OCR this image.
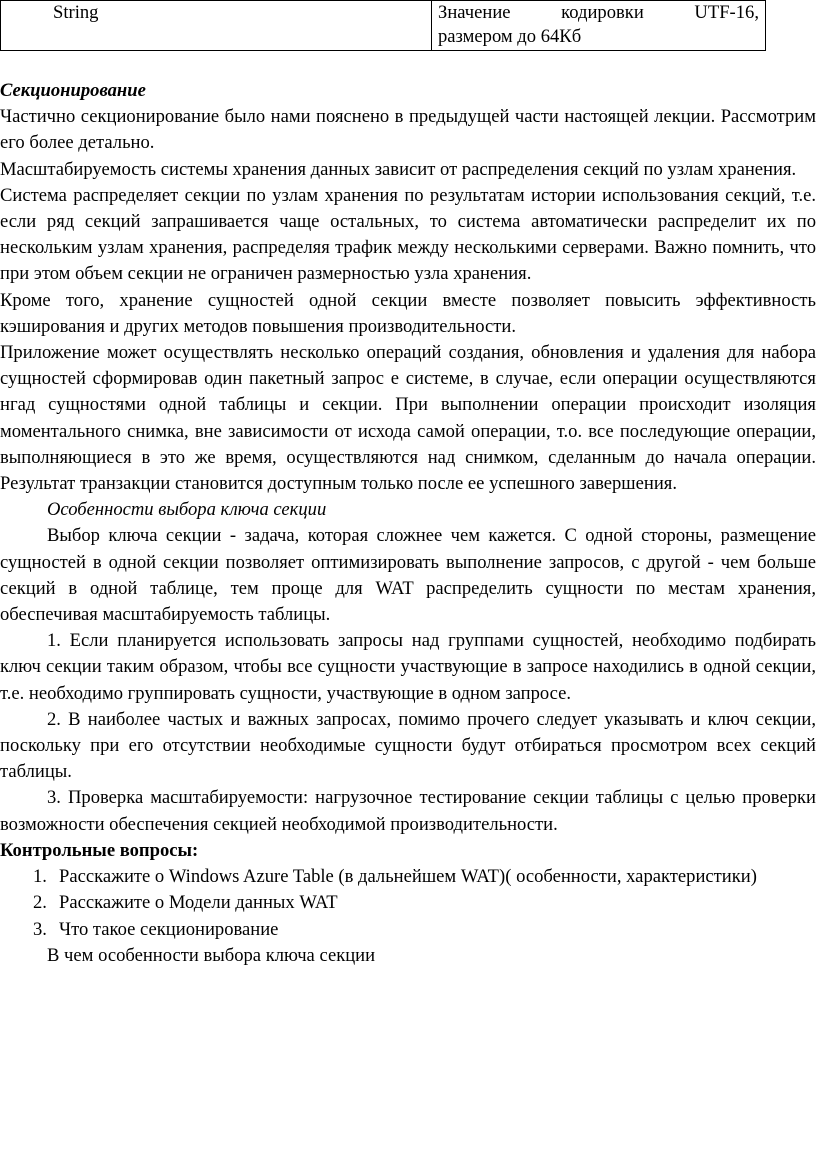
String	Значение кодировки UTF-16,
размером до 64Кб

Секционирование

Частично секционирование было нами пояснено в предыдущей части настоящей лекции. Рассмотрим его более детально.

Масштабируемость системы хранения данных зависит от распределения секций по узлам хранения.

Система распределяет секции по узлам хранения по результатам истории использования секций, т.е. если ряд секций запрашивается чаще остальных, то система автоматически распределит их по нескольким узлам хранения, распределяя трафик между несколькими серверами. Важно помнить, что при этом объем секции не ограничен размерностью узла хранения.

Кроме того, хранение сущностей одной секции вместе позволяет повысить эффективность кэширования и других методов повышения производительности.

Приложение может осуществлять несколько операций создания, обновления и удаления для набора сущностей сформировав один пакетный запрос е системе, в случае, если операции осуществляются нгад сущностями одной таблицы и секции. При выполнении операции происходит изоляция моментального снимка, вне зависимости от исхода самой операции, т.о. все последующие операции, выполняющиеся в это же время, осуществляются над снимком, сделанным до начала операции. Результат транзакции становится доступным только после ее успешного завершения.

Особенности выбора ключа секции

Выбор ключа секции - задача, которая сложнее чем кажется. С одной стороны, размещение сущностей в одной секции позволяет оптимизировать выполнение запросов, с другой - чем больше секций в одной таблице, тем проще для WAT распределить сущности по местам хранения, обеспечивая масштабируемость таблицы.

1. Если планируется использовать запросы над группами сущностей, необходимо подбирать ключ секции таким образом, чтобы все сущности участвующие в запросе находились в одной секции, т.е. необходимо группировать сущности, участвующие в одном запросе.

2. В наиболее частых и важных запросах, помимо прочего следует указывать и ключ секции, поскольку при его отсутствии необходимые сущности будут отбираться просмотром всех секций таблицы.

3. Проверка масштабируемости: нагрузочное тестирование секции таблицы с целью проверки возможности обеспечения секцией необходимой производительности.

Контрольные вопросы:

1. Расскажите о Windows Azure Table (в дальнейшем WAT)( особенности, характеристики)
2. Расскажите о Модели данных WAT
3. Что такое секционирование

В чем особенности выбора ключа секции
